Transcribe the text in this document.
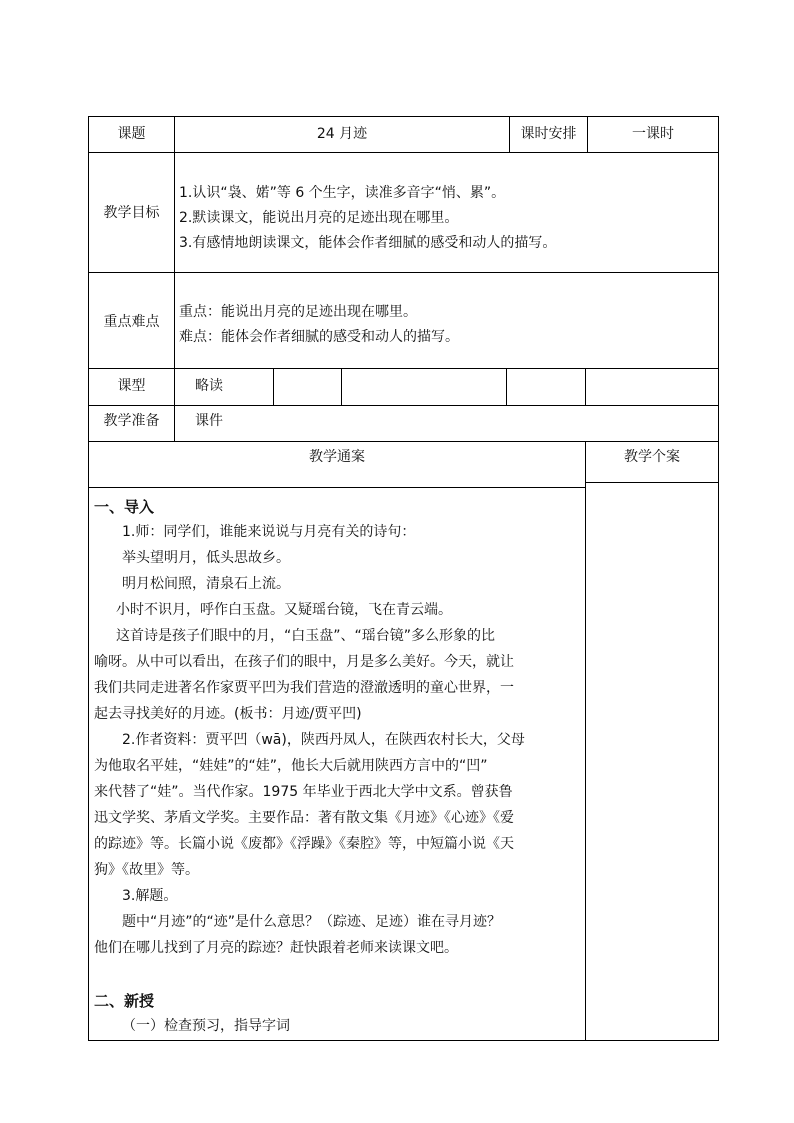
课题	24 月迹	课时安排	一课时
教学目标
1.认识“袅、婼”等 6 个生字，读准多音字“悄、累”。
2.默读课文，能说出月亮的足迹出现在哪里。
3.有感情地朗读课文，能体会作者细腻的感受和动人的描写。
重点难点
重点：能说出月亮的足迹出现在哪里。
难点：能体会作者细腻的感受和动人的描写。
课型	略读
教学准备	课件
教学通案	教学个案
一、导入

1.师：同学们，谁能来说说与月亮有关的诗句：

举头望明月，低头思故乡。

明月松间照，清泉石上流。

小时不识月，呼作白玉盘。又疑瑶台镜，飞在青云端。

这首诗是孩子们眼中的月，“白玉盘”、“瑶台镜”多么形象的比

喻呀。从中可以看出，在孩子们的眼中，月是多么美好。今天，就让

我们共同走进著名作家贾平凹为我们营造的澄澈透明的童心世界，一

起去寻找美好的月迹。(板书：月迹/贾平凹)

2.作者资料：贾平凹（wā)，陕西丹凤人，在陕西农村长大，父母

为他取名平娃，“娃娃”的“娃”，他长大后就用陕西方言中的“凹”

来代替了“娃”。当代作家。1975 年毕业于西北大学中文系。曾获鲁

迅文学奖、茅盾文学奖。主要作品：著有散文集《月迹》《心迹》《爱

的踪迹》等。长篇小说《废都》《浮躁》《秦腔》等，中短篇小说《天

狗》《故里》等。

3.解题。

题中“月迹”的“迹”是什么意思？（踪迹、足迹）谁在寻月迹？

他们在哪儿找到了月亮的踪迹？赶快跟着老师来读课文吧。

二、新授
（一）检查预习，指导字词
